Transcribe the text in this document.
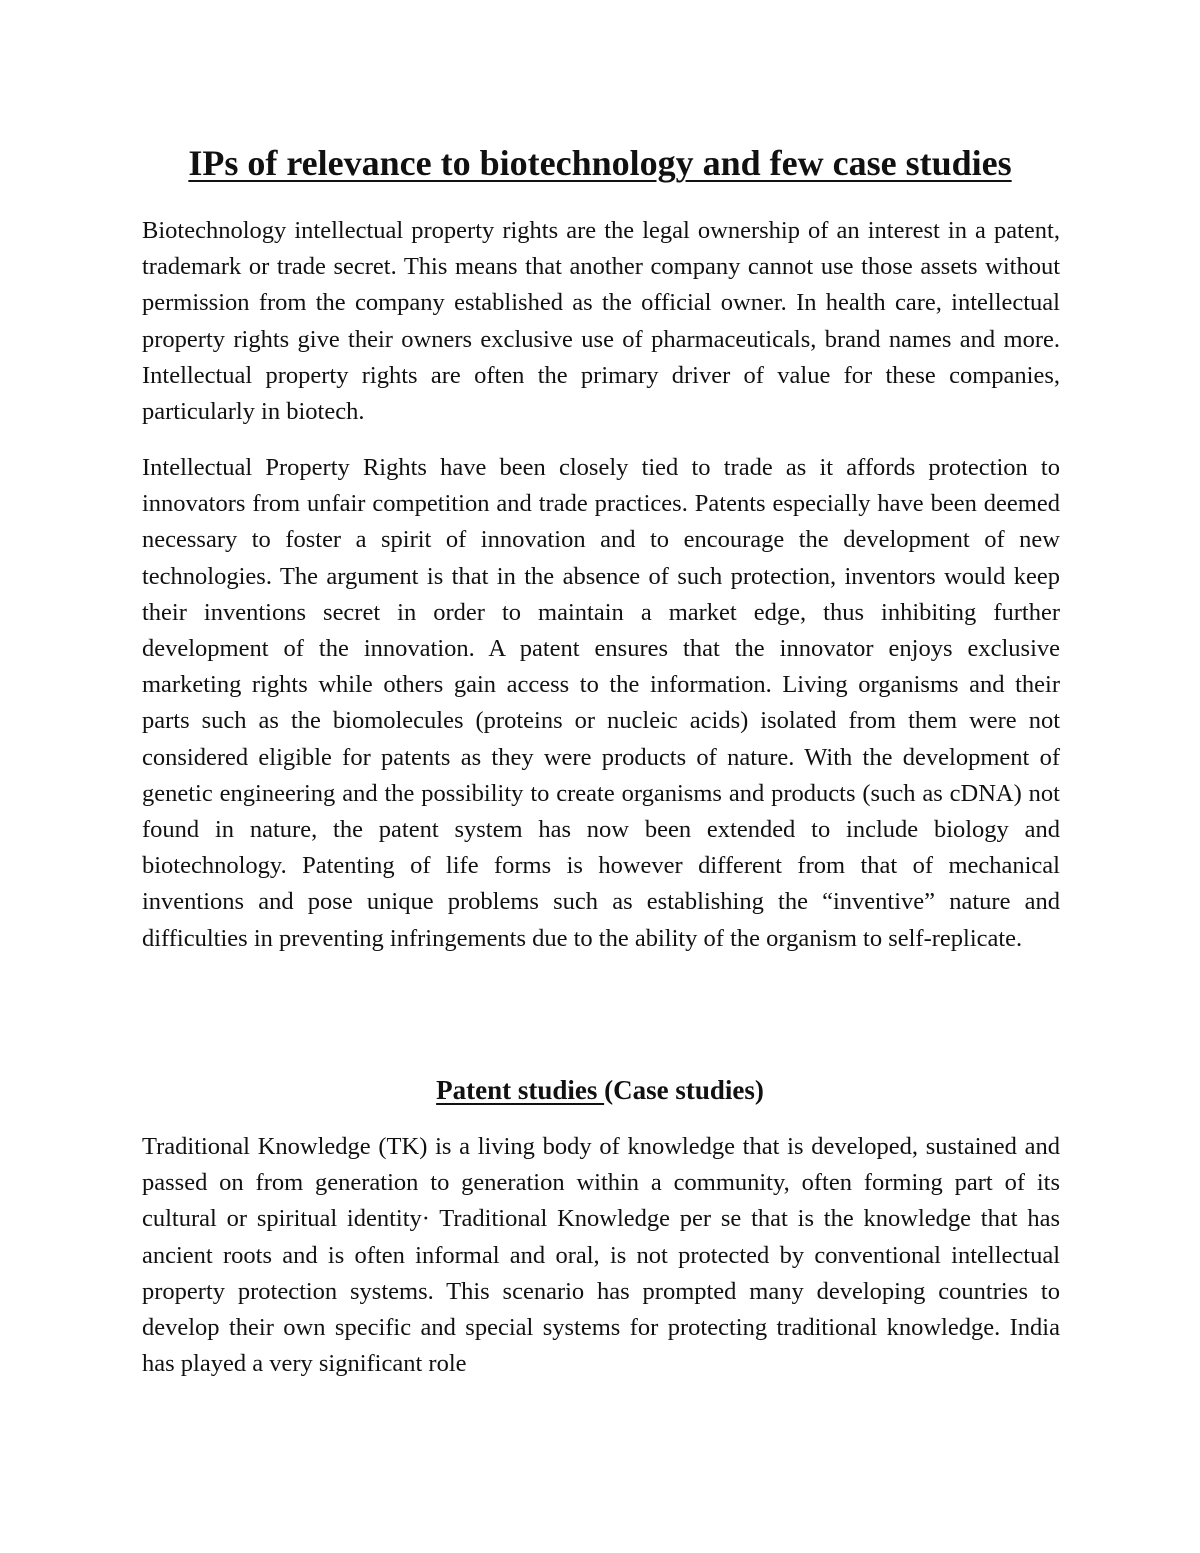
IPs of relevance to biotechnology and few case studies

Biotechnology intellectual property rights are the legal ownership of an interest in a patent, trademark or trade secret. This means that another company cannot use those assets without permission from the company established as the official owner. In health care, intellectual property rights give their owners exclusive use of pharmaceuticals, brand names and more. Intellectual property rights are often the primary driver of value for these companies, particularly in biotech.

Intellectual Property Rights have been closely tied to trade as it affords protection to innovators from unfair competition and trade practices. Patents especially have been deemed necessary to foster a spirit of innovation and to encourage the development of new technologies. The argument is that in the absence of such protection, inventors would keep their inventions secret in order to maintain a market edge, thus inhibiting further development of the innovation. A patent ensures that the innovator enjoys exclusive marketing rights while others gain access to the information. Living organisms and their parts such as the biomolecules (proteins or nucleic acids) isolated from them were not considered eligible for patents as they were products of nature. With the development of genetic engineering and the possibility to create organisms and products (such as cDNA) not found in nature, the patent system has now been extended to include biology and biotechnology. Patenting of life forms is however different from that of mechanical inventions and pose unique problems such as establishing the “inventive” nature and difficulties in preventing infringements due to the ability of the organism to self-replicate.

Patent studies (Case studies)

Traditional Knowledge (TK) is a living body of knowledge that is developed, sustained and passed on from generation to generation within a community, often forming part of its cultural or spiritual identity· Traditional Knowledge per se that is the knowledge that has ancient roots and is often informal and oral, is not protected by conventional intellectual property protection systems. This scenario has prompted many developing countries to develop their own specific and special systems for protecting traditional knowledge. India has played a very significant role
